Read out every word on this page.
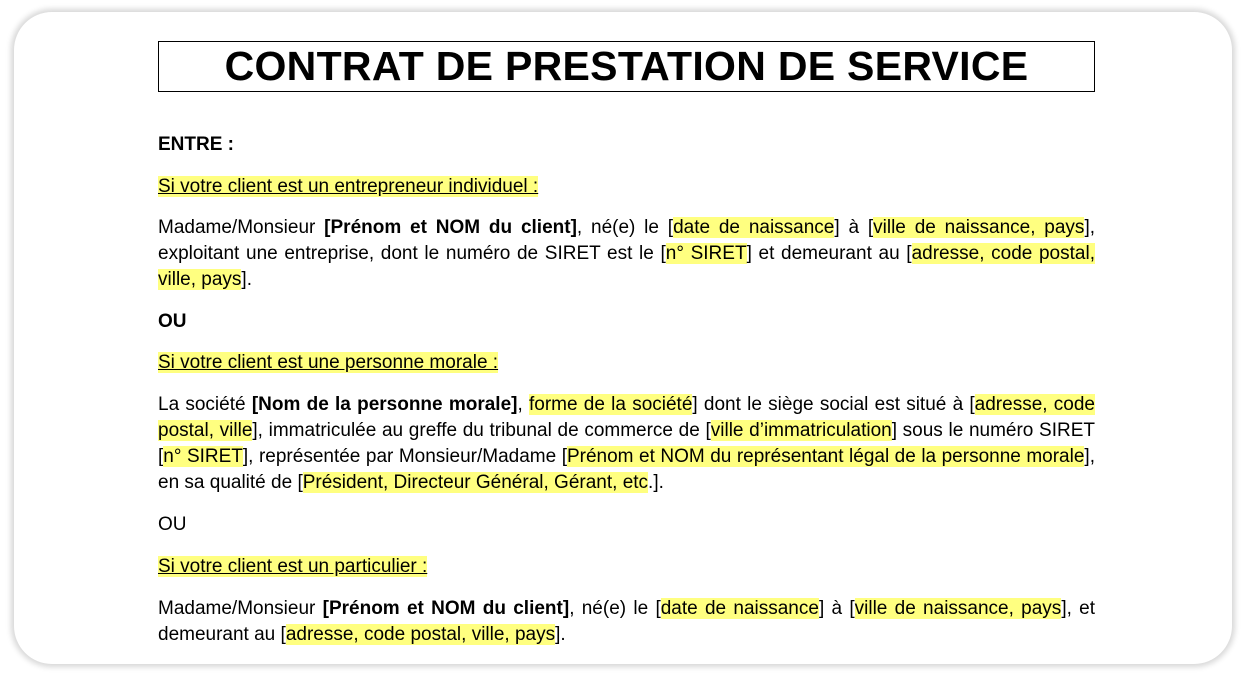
CONTRAT DE PRESTATION DE SERVICE

ENTRE :

Si votre client est un entrepreneur individuel :

Madame/Monsieur [Prénom et NOM du client], né(e) le [date de naissance] à [ville de naissance, pays], exploitant une entreprise, dont le numéro de SIRET est le [n° SIRET] et demeurant au [adresse, code postal, ville, pays].

OU

Si votre client est une personne morale :

La société [Nom de la personne morale], forme de la société] dont le siège social est situé à [adresse, code postal, ville], immatriculée au greffe du tribunal de commerce de [ville d’immatriculation] sous le numéro SIRET [n° SIRET], représentée par Monsieur/Madame [Prénom et NOM du représentant légal de la personne morale], en sa qualité de [Président, Directeur Général, Gérant, etc.].

OU

Si votre client est un particulier :

Madame/Monsieur [Prénom et NOM du client], né(e) le [date de naissance] à [ville de naissance, pays], et demeurant au [adresse, code postal, ville, pays].
